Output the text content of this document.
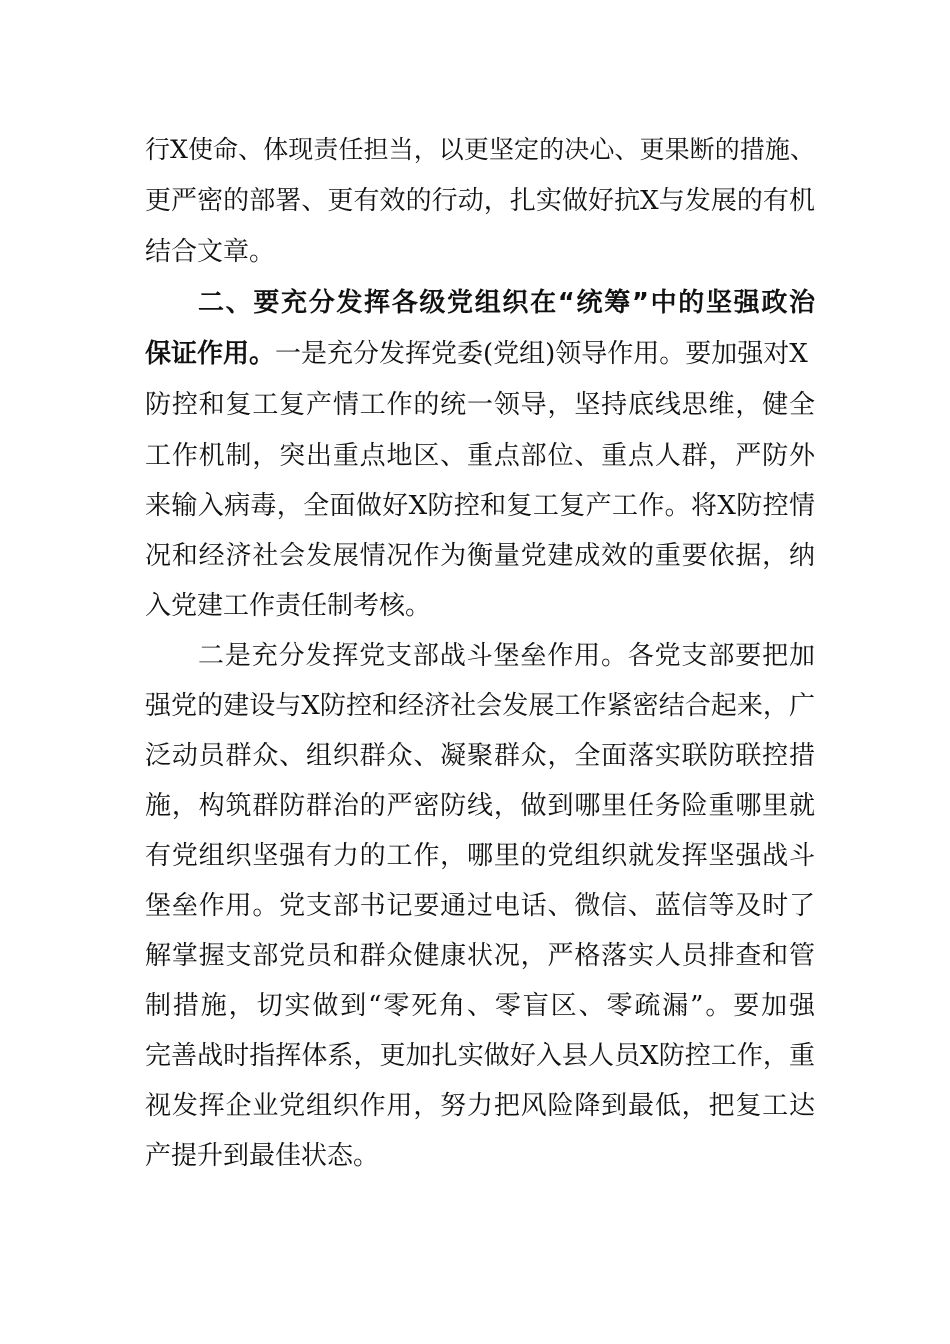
行X使命、体现责任担当，以更坚定的决心、更果断的措施、
更严密的部署、更有效的行动，扎实做好抗X与发展的有机
结合文章。
二、要充分发挥各级党组织在“统筹”中的坚强政治
保证作用。一是充分发挥党委(党组)领导作用。要加强对X
防控和复工复产情工作的统一领导，坚持底线思维，健全
工作机制，突出重点地区、重点部位、重点人群，严防外
来输入病毒，全面做好X防控和复工复产工作。将X防控情
况和经济社会发展情况作为衡量党建成效的重要依据，纳
入党建工作责任制考核。
二是充分发挥党支部战斗堡垒作用。各党支部要把加
强党的建设与X防控和经济社会发展工作紧密结合起来，广
泛动员群众、组织群众、凝聚群众，全面落实联防联控措
施，构筑群防群治的严密防线，做到哪里任务险重哪里就
有党组织坚强有力的工作，哪里的党组织就发挥坚强战斗
堡垒作用。党支部书记要通过电话、微信、蓝信等及时了
解掌握支部党员和群众健康状况，严格落实人员排查和管
制措施，切实做到“零死角、零盲区、零疏漏”。要加强
完善战时指挥体系，更加扎实做好入县人员X防控工作，重
视发挥企业党组织作用，努力把风险降到最低，把复工达
产提升到最佳状态。
